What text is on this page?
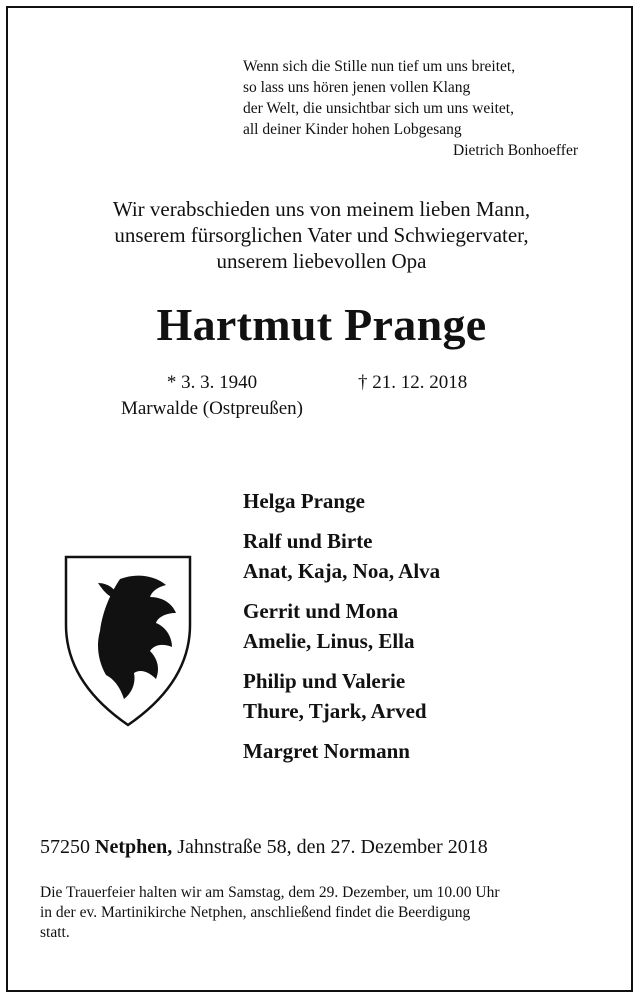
Wenn sich die Stille nun tief um uns breitet,
so lass uns hören jenen vollen Klang
der Welt, die unsichtbar sich um uns weitet,
all deiner Kinder hohen Lobgesang
Dietrich Bonhoeffer
Wir verabschieden uns von meinem lieben Mann,
unserem fürsorglichen Vater und Schwiegervater,
unserem liebevollen Opa
Hartmut Prange
* 3. 3. 1940
Marwalde (Ostpreußen)
† 21. 12. 2018
Helga Prange
Ralf und Birte
Anat, Kaja, Noa, Alva
Gerrit und Mona
Amelie, Linus, Ella
Philip und Valerie
Thure, Tjark, Arved
Margret Normann
57250 Netphen, Jahnstraße 58, den 27. Dezember 2018
Die Trauerfeier halten wir am Samstag, dem 29. Dezember, um 10.00 Uhr
in der ev. Martinikirche Netphen, anschließend findet die Beerdigung
statt.
